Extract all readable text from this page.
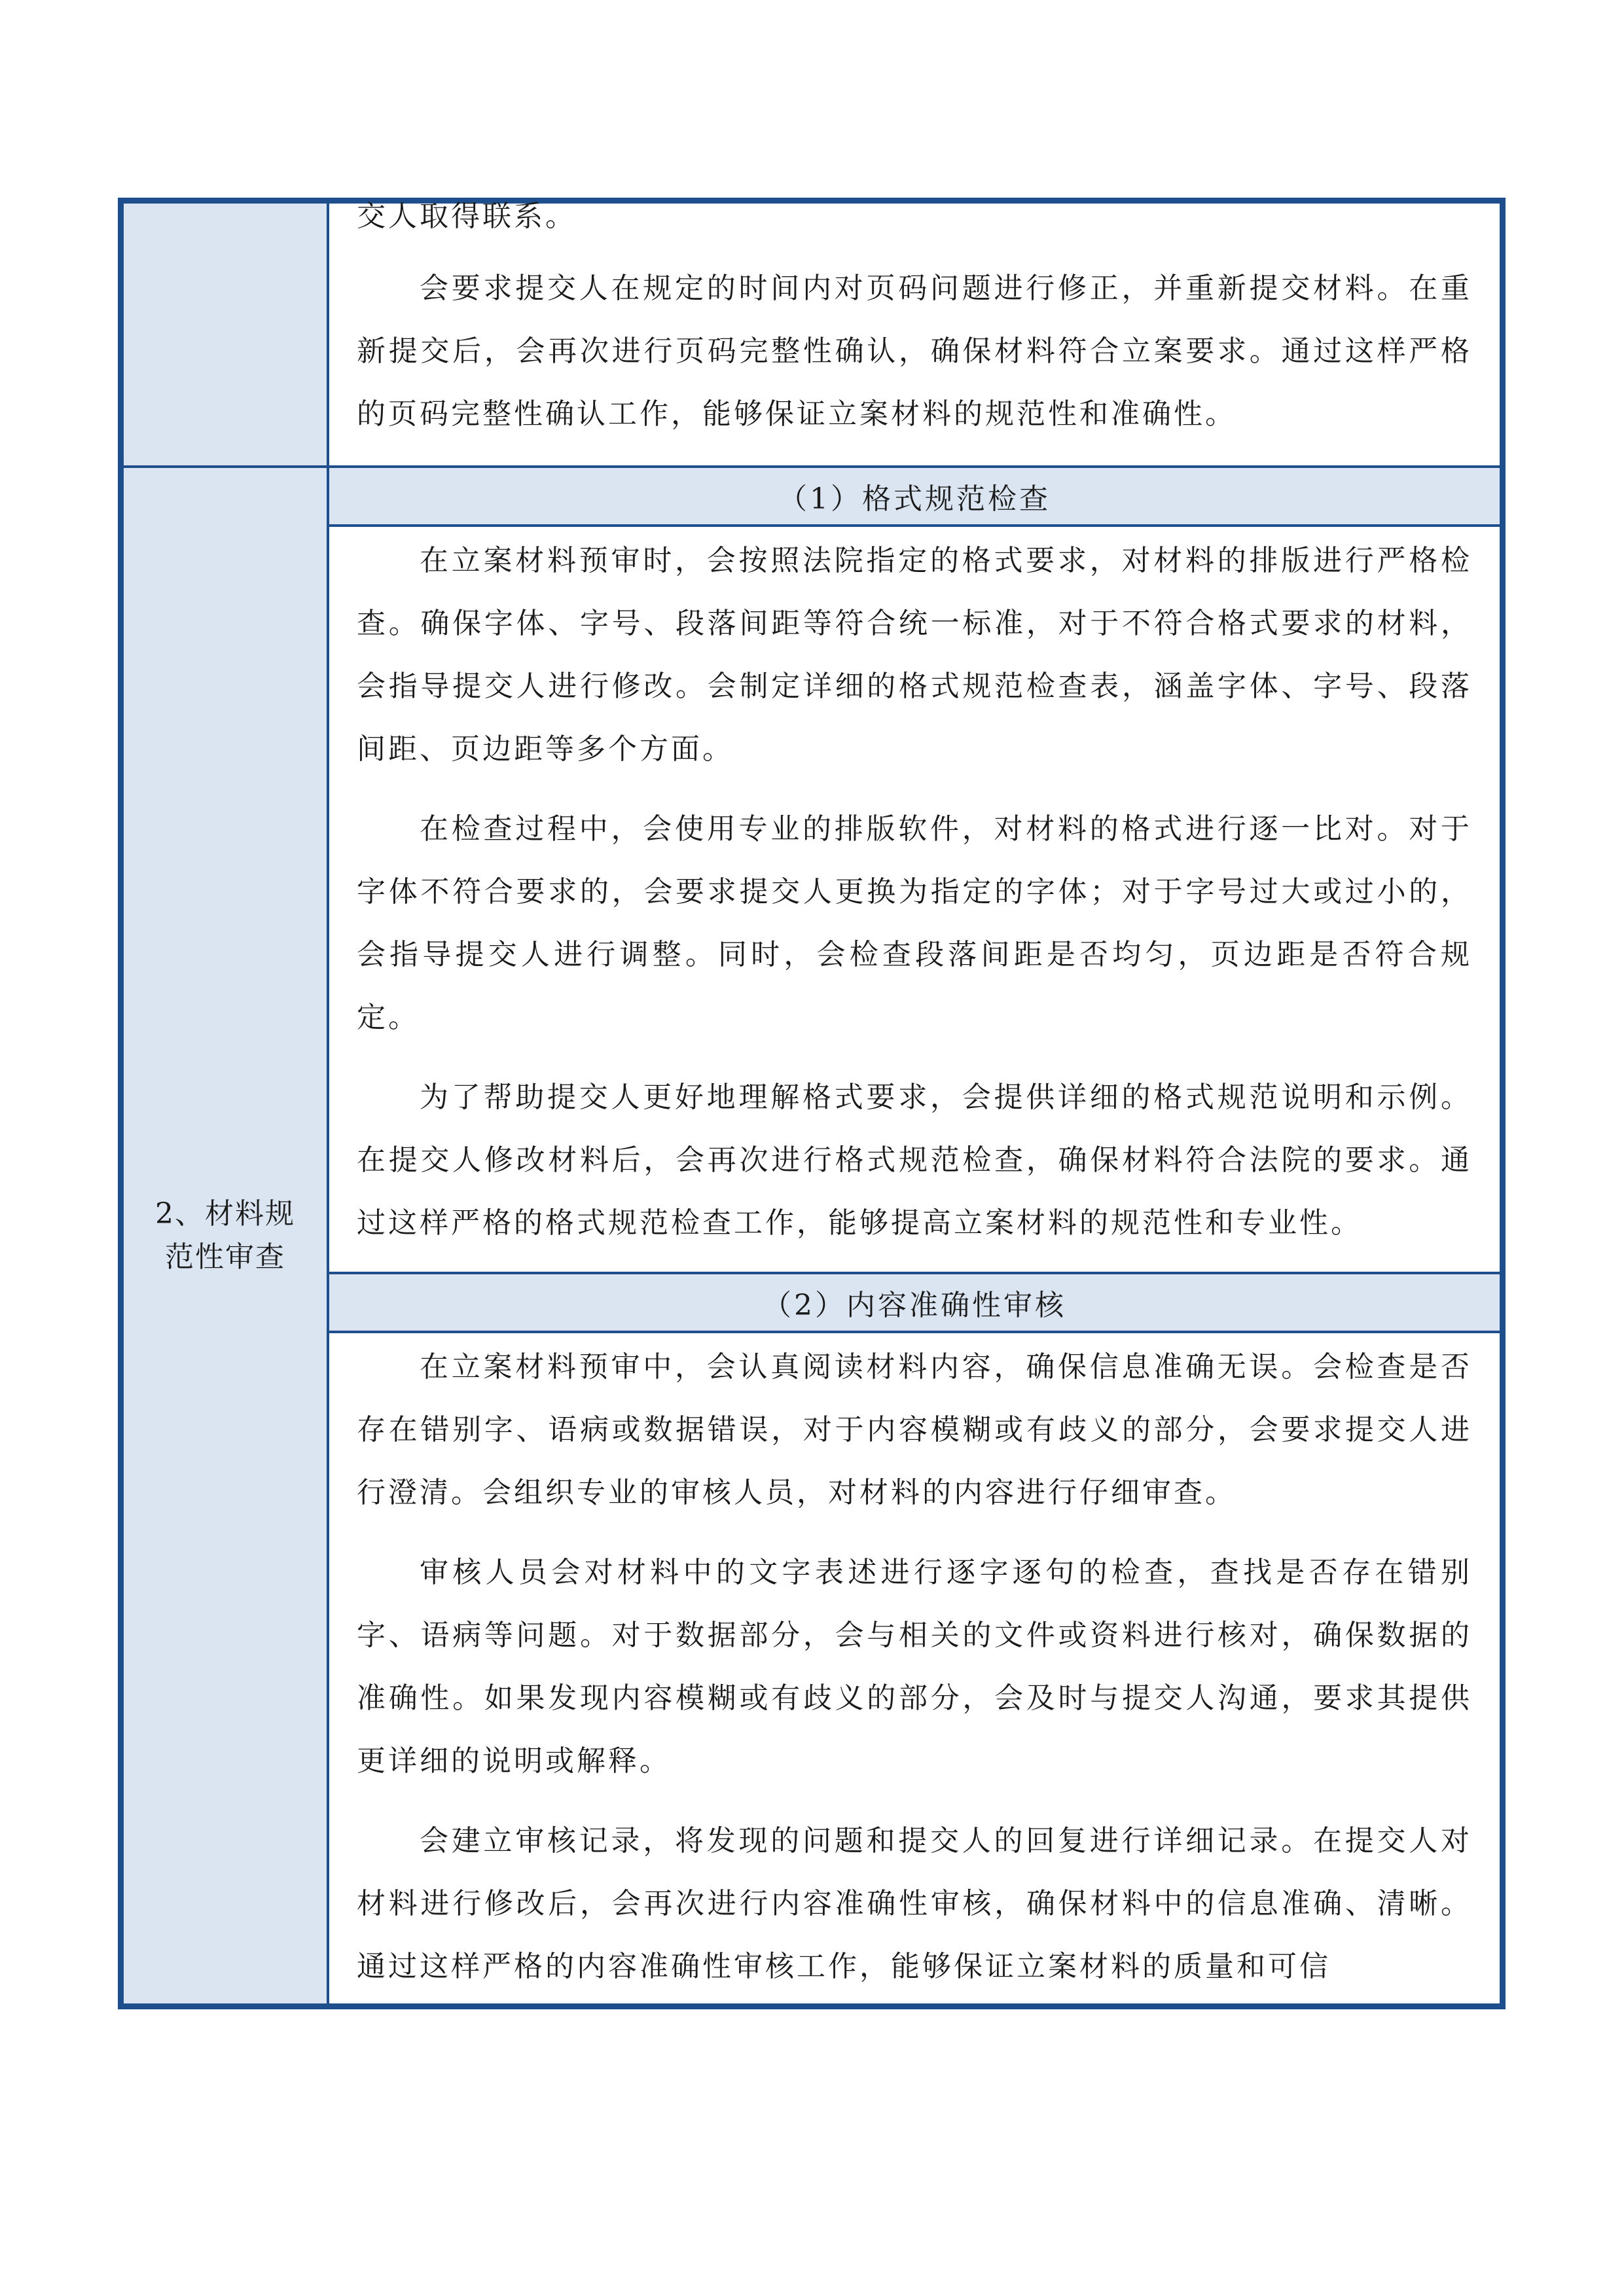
	交人取得联系。

会要求提交人在规定的时间内对页码问题进行修正，并重新提交材料。在重新提交后，会再次进行页码完整性确认，确保材料符合立案要求。通过这样严格的页码完整性确认工作，能够保证立案材料的规范性和准确性。

2、材料规范性审查	（1）格式规范检查

	在立案材料预审时，会按照法院指定的格式要求，对材料的排版进行严格检查。确保字体、字号、段落间距等符合统一标准，对于不符合格式要求的材料，会指导提交人进行修改。会制定详细的格式规范检查表，涵盖字体、字号、段落间距、页边距等多个方面。

在检查过程中，会使用专业的排版软件，对材料的格式进行逐一比对。对于字体不符合要求的，会要求提交人更换为指定的字体；对于字号过大或过小的，会指导提交人进行调整。同时，会检查段落间距是否均匀，页边距是否符合规定。

为了帮助提交人更好地理解格式要求，会提供详细的格式规范说明和示例。在提交人修改材料后，会再次进行格式规范检查，确保材料符合法院的要求。通过这样严格的格式规范检查工作，能够提高立案材料的规范性和专业性。

	（2）内容准确性审核

	在立案材料预审中，会认真阅读材料内容，确保信息准确无误。会检查是否存在错别字、语病或数据错误，对于内容模糊或有歧义的部分，会要求提交人进行澄清。会组织专业的审核人员，对材料的内容进行仔细审查。

审核人员会对材料中的文字表述进行逐字逐句的检查，查找是否存在错别字、语病等问题。对于数据部分，会与相关的文件或资料进行核对，确保数据的准确性。如果发现内容模糊或有歧义的部分，会及时与提交人沟通，要求其提供更详细的说明或解释。

会建立审核记录，将发现的问题和提交人的回复进行详细记录。在提交人对材料进行修改后，会再次进行内容准确性审核，确保材料中的信息准确、清晰。通过这样严格的内容准确性审核工作，能够保证立案材料的质量和可信
